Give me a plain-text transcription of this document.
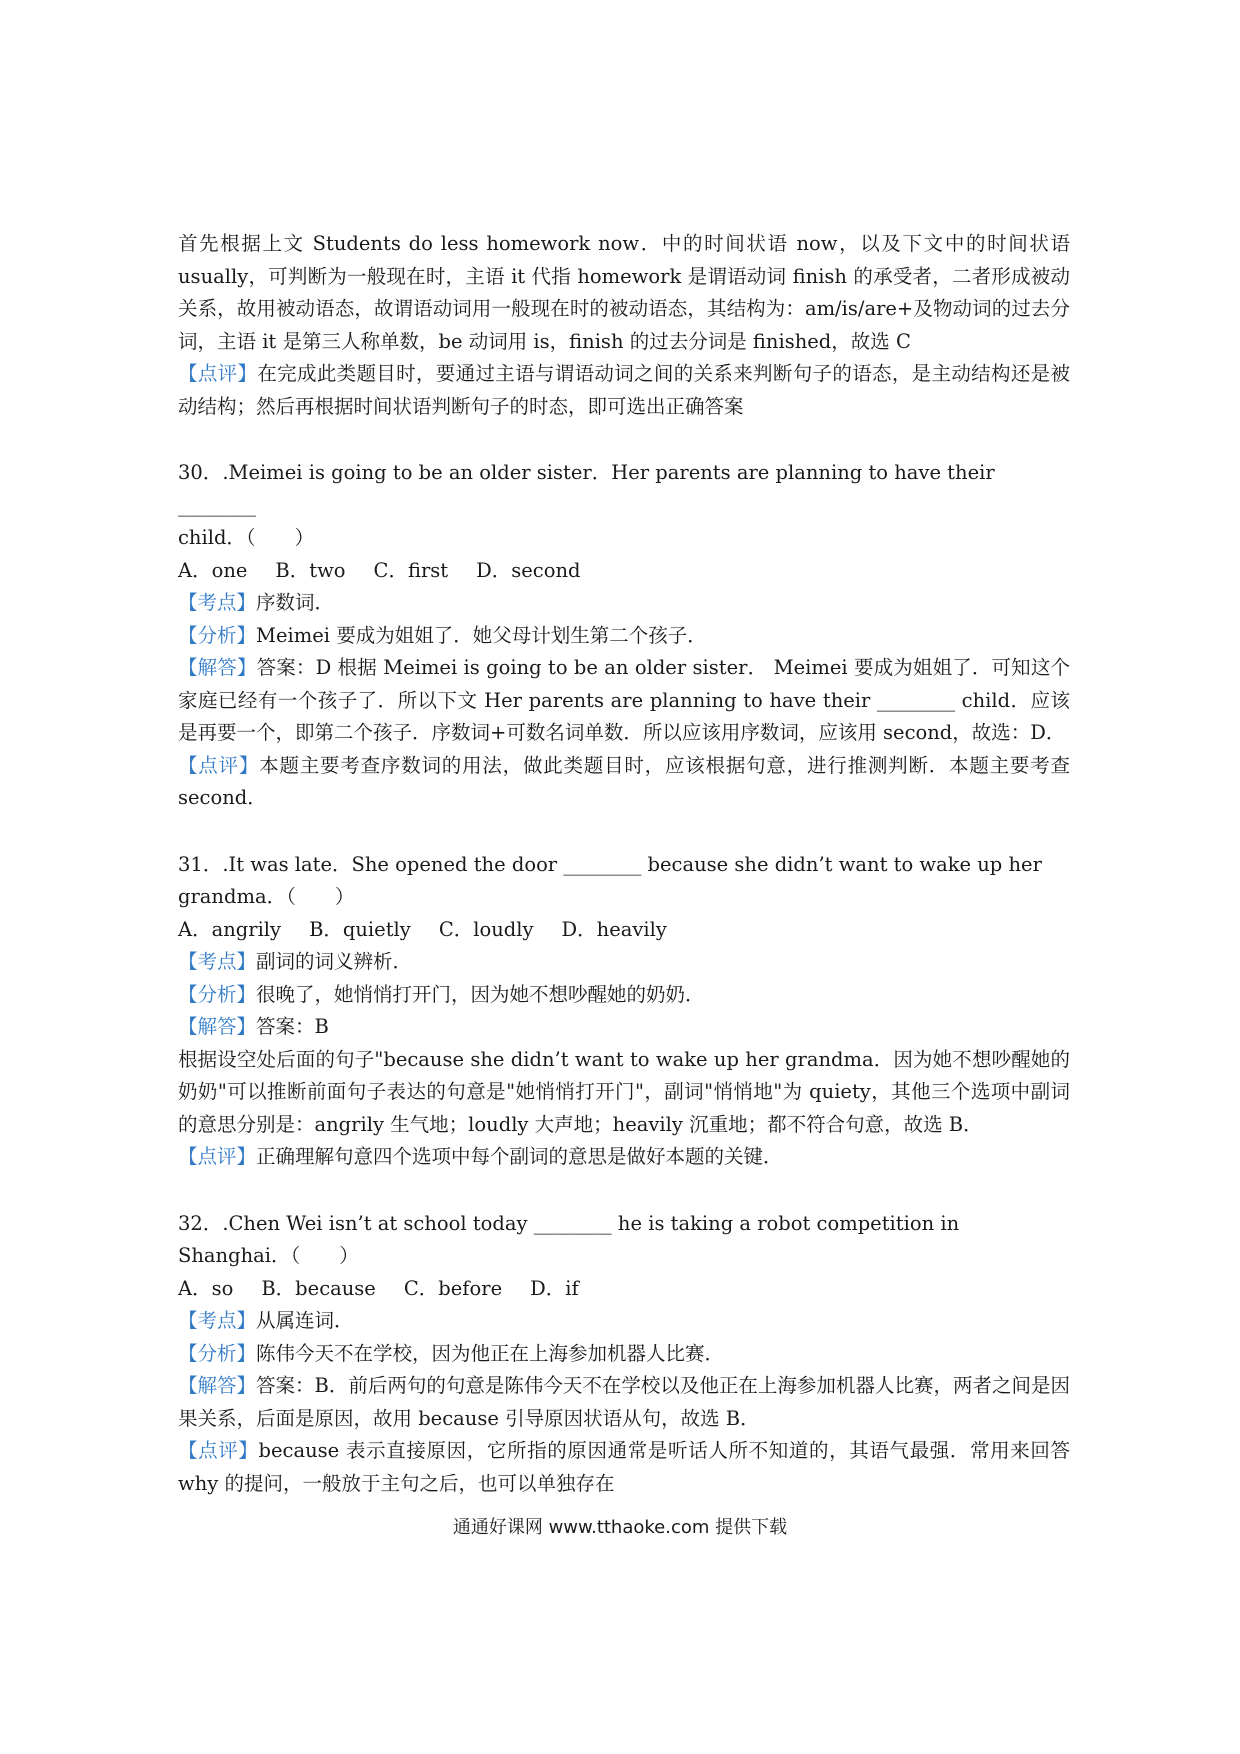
首先根据上文 Students do less homework now．中的时间状语 now，以及下文中的时间状语 usually，可判断为一般现在时，主语 it 代指 homework 是谓语动词 finish 的承受者，二者形成被动关系，故用被动语态，故谓语动词用一般现在时的被动语态，其结构为：am/is/are+及物动词的过去分词，主语 it 是第三人称单数，be 动词用 is，finish 的过去分词是 finished，故选 C

【点评】在完成此类题目时，要通过主语与谓语动词之间的关系来判断句子的语态，是主动结构还是被动结构；然后再根据时间状语判断句子的时态，即可选出正确答案

30．.Meimei is going to be an older sister．Her parents are planning to have their ________

child．（　　）

A．one B．two C．first D．second

【考点】序数词．

【分析】Meimei 要成为姐姐了．她父母计划生第二个孩子．

【解答】答案：D 根据 Meimei is going to be an older sister． Meimei 要成为姐姐了．可知这个家庭已经有一个孩子了．所以下文 Her parents are planning to have their ________ child．应该是再要一个，即第二个孩子．序数词+可数名词单数．所以应该用序数词，应该用 second，故选：D．

【点评】本题主要考查序数词的用法，做此类题目时，应该根据句意，进行推测判断．本题主要考查 second．

31．.It was late．She opened the door ________ because she didn’t want to wake up her

grandma．（　　）

A．angrily B．quietly C．loudly D．heavily

【考点】副词的词义辨析．

【分析】很晚了，她悄悄打开门，因为她不想吵醒她的奶奶．

【解答】答案：B

根据设空处后面的句子"because she didn’t want to wake up her grandma．因为她不想吵醒她的奶奶"可以推断前面句子表达的句意是"她悄悄打开门"，副词"悄悄地"为 quiety，其他三个选项中副词的意思分别是：angrily 生气地；loudly 大声地；heavily 沉重地；都不符合句意，故选 B．

【点评】正确理解句意四个选项中每个副词的意思是做好本题的关键．

32．.Chen Wei isn’t at school today ________ he is taking a robot competition in Shanghai．（　　）

A．so B．because C．before D．if

【考点】从属连词．

【分析】陈伟今天不在学校，因为他正在上海参加机器人比赛．

【解答】答案：B．前后两句的句意是陈伟今天不在学校以及他正在上海参加机器人比赛，两者之间是因果关系，后面是原因，故用 because 引导原因状语从句，故选 B．

【点评】because 表示直接原因，它所指的原因通常是听话人所不知道的，其语气最强．常用来回答 why 的提问，一般放于主句之后，也可以单独存在

通通好课网 www.tthaoke.com 提供下载
